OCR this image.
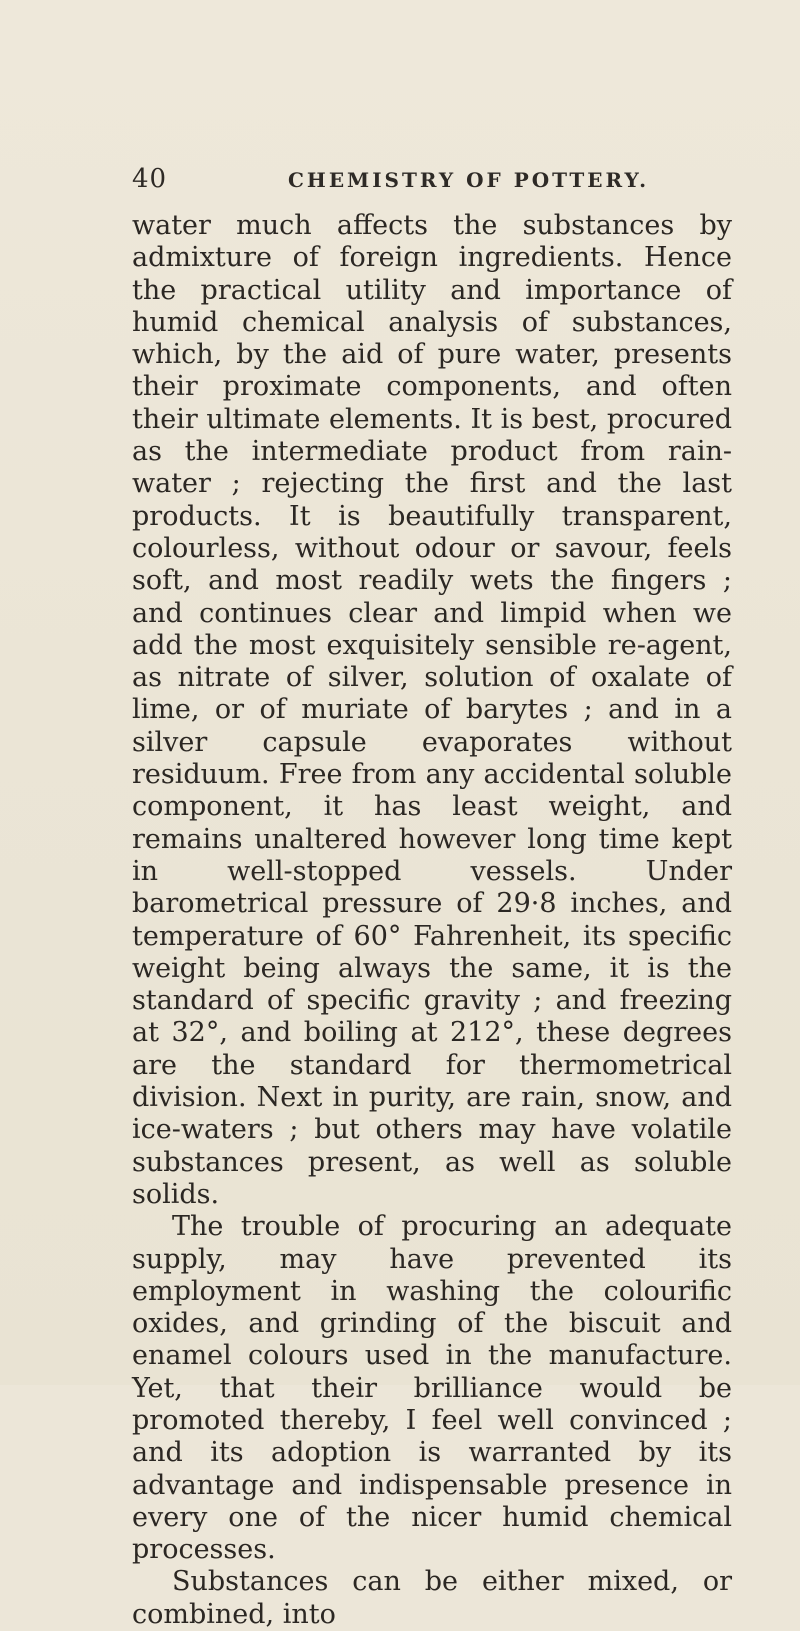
40	CHEMISTRY OF POTTERY.

water much affects the substances by admixture of foreign ingredients. Hence the practical utility and importance of humid chemical analysis of substances, which, by the aid of pure water, presents their proximate components, and often their ultimate elements. It is best, procured as the intermediate product from rain-water ; rejecting the first and the last products. It is beautifully transparent, colourless, without odour or savour, feels soft, and most readily wets the fingers ; and continues clear and limpid when we add the most exquisitely sensible re-agent, as nitrate of silver, solution of oxalate of lime, or of muriate of barytes ; and in a silver capsule evaporates without residuum. Free from any accidental soluble component, it has least weight, and remains unaltered however long time kept in well-stopped vessels. Under barometrical pressure of 29·8 inches, and temperature of 60° Fahrenheit, its specific weight being always the same, it is the standard of specific gravity ; and freezing at 32°, and boiling at 212°, these degrees are the standard for thermometrical division. Next in purity, are rain, snow, and ice-waters ; but others may have volatile substances present, as well as soluble solids.

The trouble of procuring an adequate supply, may have prevented its employment in washing the colourific oxides, and grinding of the biscuit and enamel colours used in the manufacture. Yet, that their brilliance would be promoted thereby, I feel well convinced ; and its adoption is warranted by its advantage and indispensable presence in every one of the nicer humid chemical processes.

Substances can be either mixed, or combined, into
